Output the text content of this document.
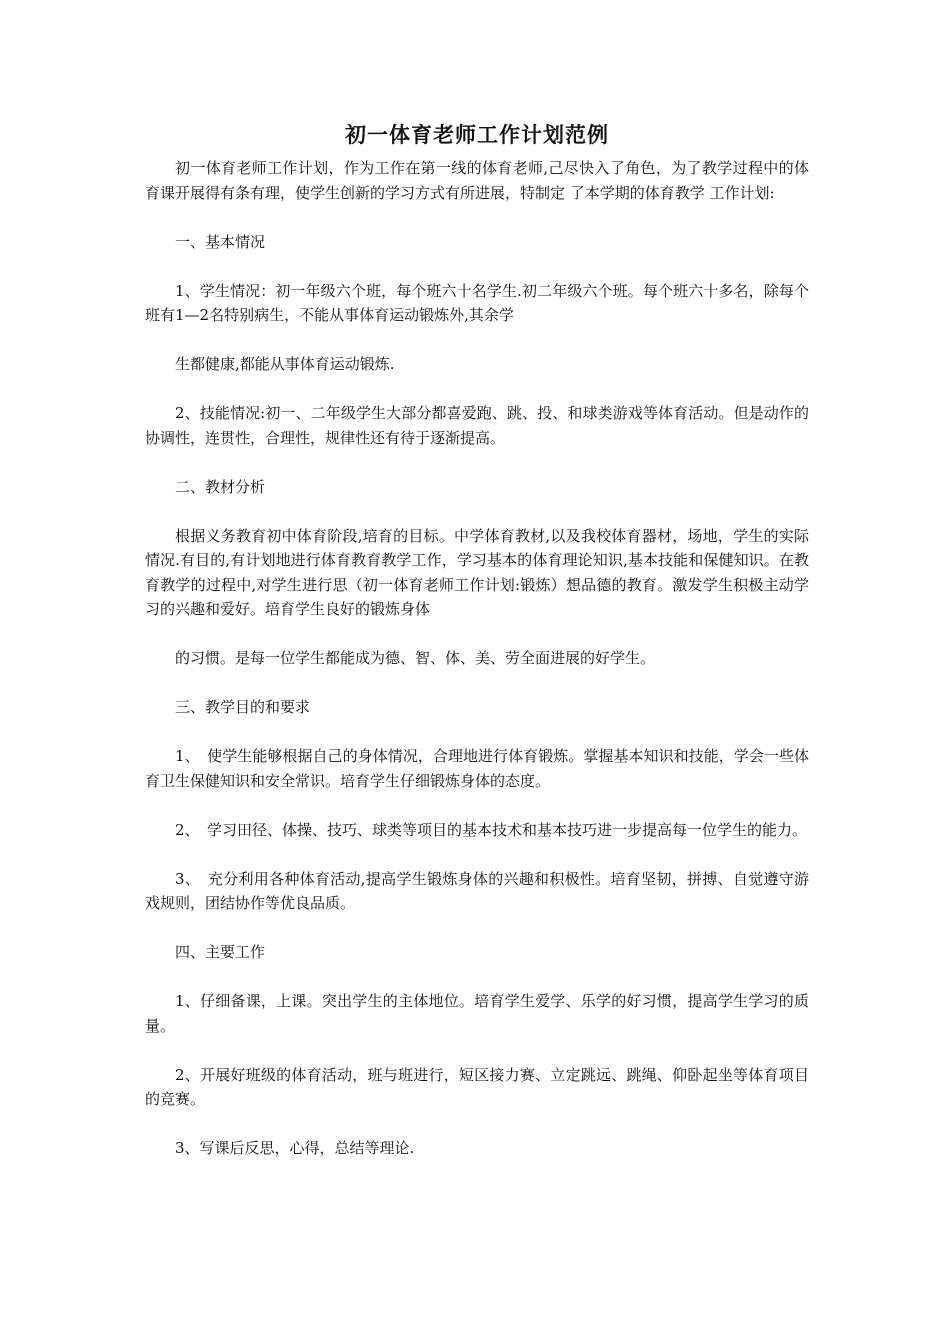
初一体育老师工作计划范例

初一体育老师工作计划，作为工作在第一线的体育老师,己尽快入了角色，为了教学过程中的体育课开展得有条有理，使学生创新的学习方式有所进展，特制定 了本学期的体育教学 工作计划:

一、基本情况

1、学生情况：初一年级六个班，每个班六十名学生.初二年级六个班。每个班六十多名，除每个班有1—2名特别病生，不能从事体育运动锻炼外,其余学

生都健康,都能从事体育运动锻炼.

2、技能情况:初一、二年级学生大部分都喜爱跑、跳、投、和球类游戏等体育活动。但是动作的协调性，连贯性，合理性，规律性还有待于逐渐提高。

二、教材分析

根据义务教育初中体育阶段,培育的目标。中学体育教材,以及我校体育器材，场地，学生的实际情况.有目的,有计划地进行体育教育教学工作，学习基本的体育理论知识,基本技能和保健知识。在教育教学的过程中,对学生进行思（初一体育老师工作计划:锻炼）想品德的教育。激发学生积极主动学习的兴趣和爱好。培育学生良好的锻炼身体

的习惯。是每一位学生都能成为德、智、体、美、劳全面进展的好学生。

三、教学目的和要求

1、　使学生能够根据自己的身体情况，合理地进行体育锻炼。掌握基本知识和技能，学会一些体育卫生保健知识和安全常识。培育学生仔细锻炼身体的态度。

2、　学习田径、体操、技巧、球类等项目的基本技术和基本技巧进一步提高每一位学生的能力。

3、　充分利用各种体育活动,提高学生锻炼身体的兴趣和积极性。培育坚韧，拼搏、自觉遵守游戏规则，团结协作等优良品质。

四、主要工作

1、仔细备课，上课。突出学生的主体地位。培育学生爱学、乐学的好习惯，提高学生学习的质量。

2、开展好班级的体育活动，班与班进行，短区接力赛、立定跳远、跳绳、仰卧起坐等体育项目的竞赛。

3、写课后反思，心得，总结等理论.
